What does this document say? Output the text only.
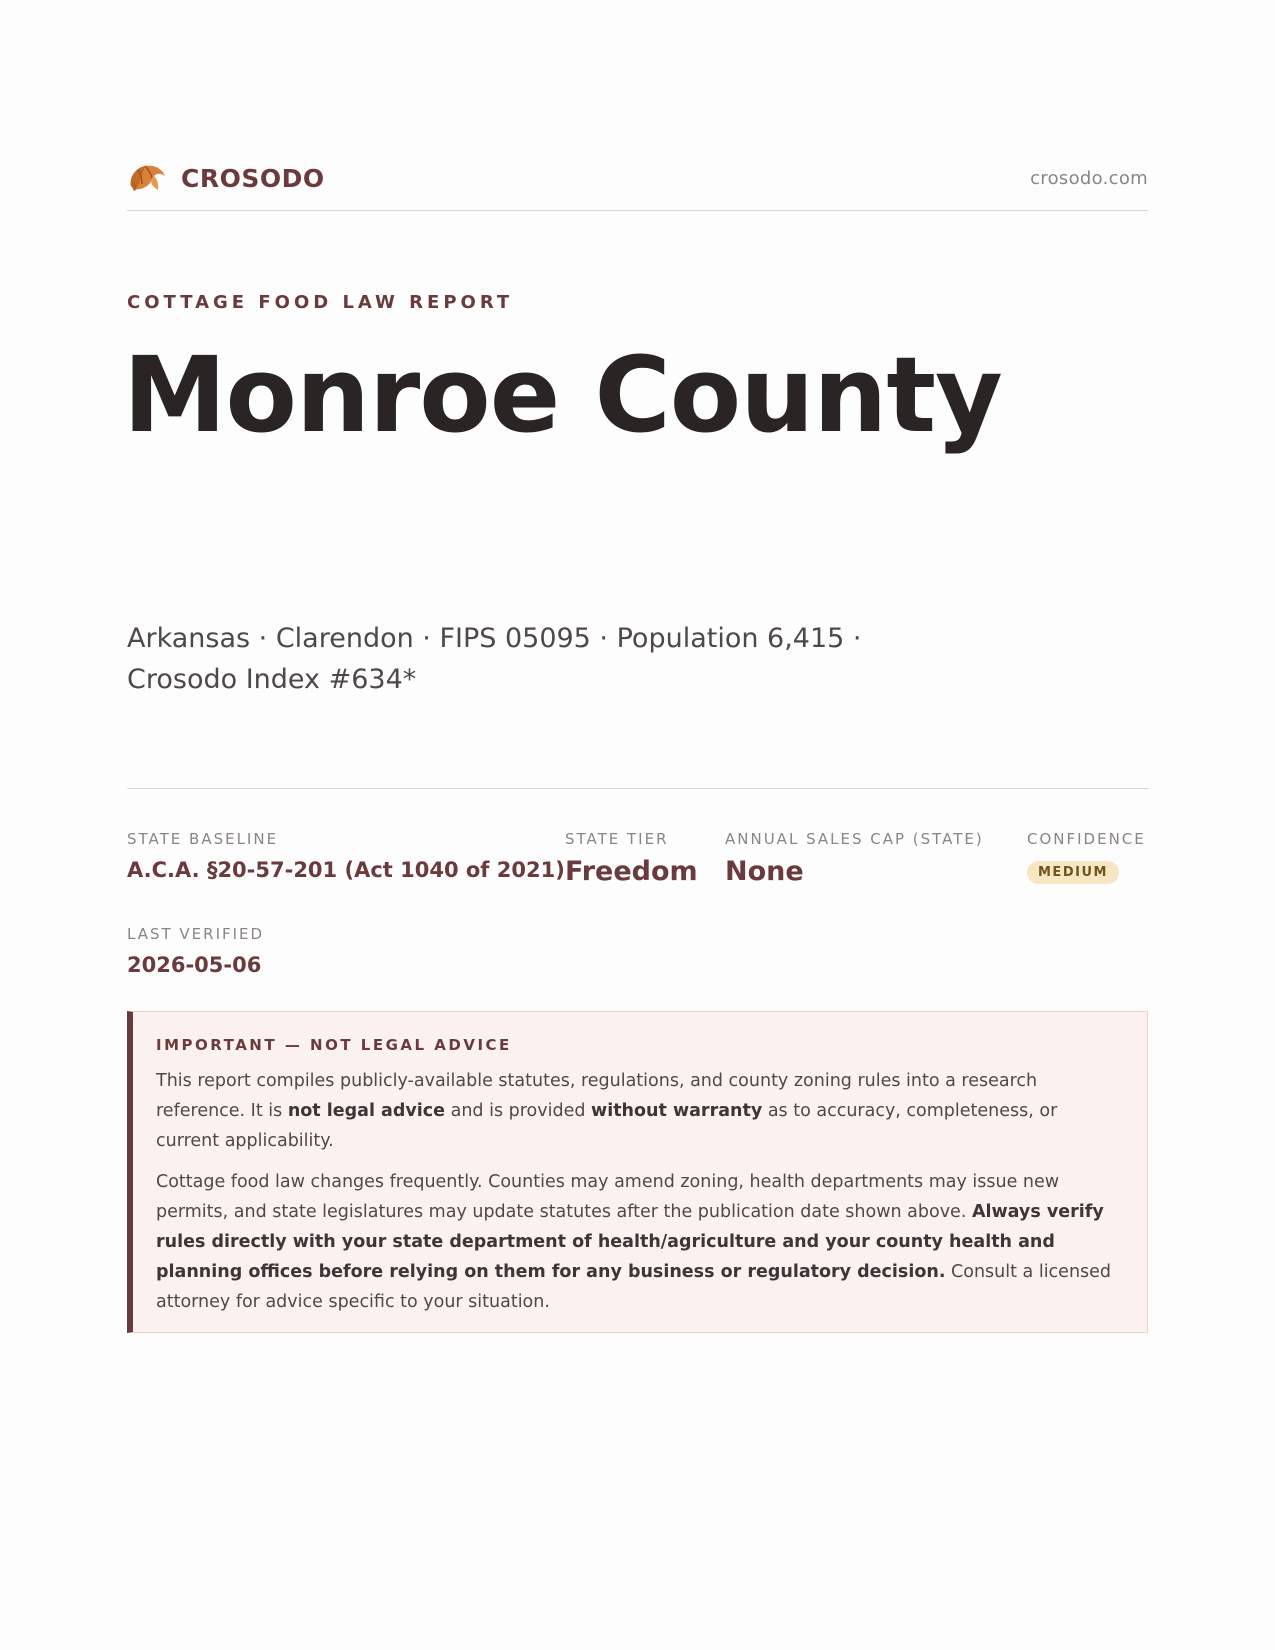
CROSODO	crosodo.com
COTTAGE FOOD LAW REPORT
Monroe County
Arkansas · Clarendon · FIPS 05095 · Population 6,415 ·
Crosodo Index #634*
STATE BASELINE
A.C.A. §20-57-201 (Act 1040 of 2021)
STATE TIER
Freedom
ANNUAL SALES CAP (STATE)
None
CONFIDENCE
MEDIUM
LAST VERIFIED
2026-05-06
IMPORTANT — NOT LEGAL ADVICE

This report compiles publicly-available statutes, regulations, and county zoning rules into a research reference. It is not legal advice and is provided without warranty as to accuracy, completeness, or current applicability.

Cottage food law changes frequently. Counties may amend zoning, health departments may issue new permits, and state legislatures may update statutes after the publication date shown above. Always verify rules directly with your state department of health/agriculture and your county health and planning offices before relying on them for any business or regulatory decision. Consult a licensed attorney for advice specific to your situation.
